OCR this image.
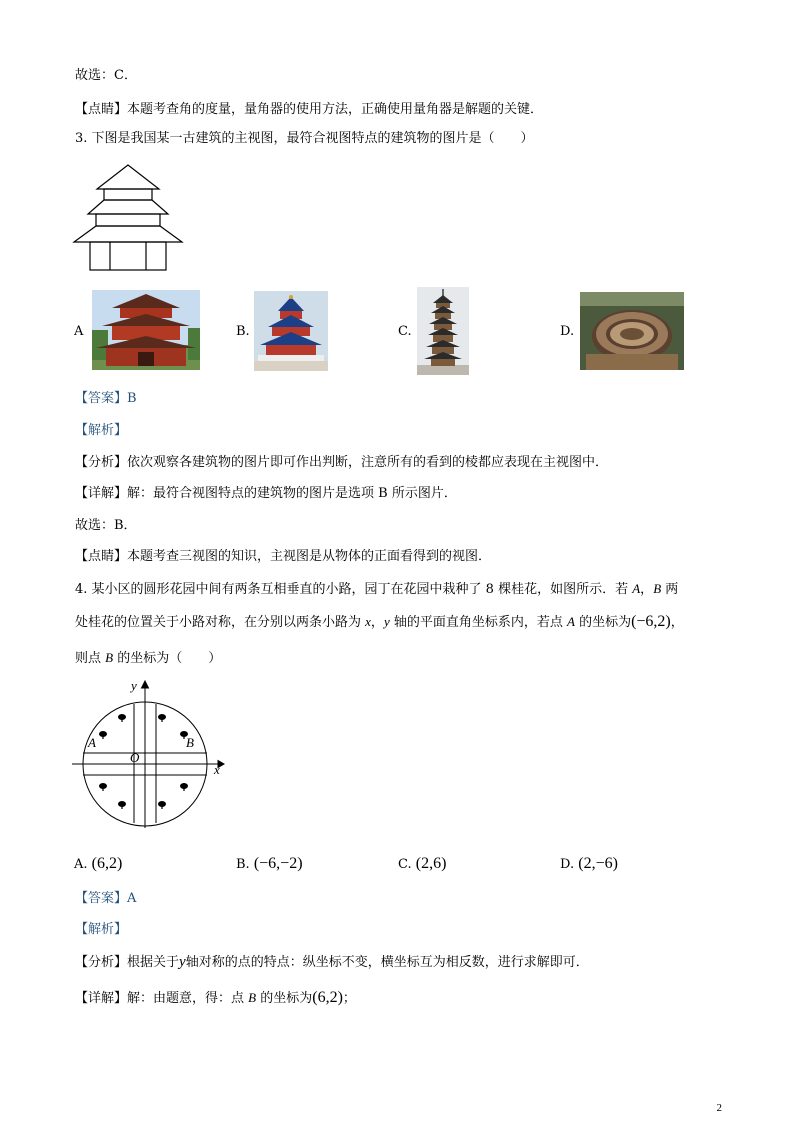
故选：C．
【点睛】本题考查角的度量，量角器的使用方法，正确使用量角器是解题的关键．
3. 下图是我国某一古建筑的主视图，最符合视图特点的建筑物的图片是（　　）
A	B.	C.	D.
【答案】B
【解析】
【分析】依次观察各建筑物的图片即可作出判断，注意所有的看到的棱都应表现在主视图中．
【详解】解：最符合视图特点的建筑物的图片是选项 B 所示图片．
故选：B．
【点睛】本题考查三视图的知识，主视图是从物体的正面看得到的视图．
4. 某小区的圆形花园中间有两条互相垂直的小路，园丁在花园中栽种了 8 棵桂花，如图所示．若 A，B 两
处桂花的位置关于小路对称，在分别以两条小路为 x，y 轴的平面直角坐标系内，若点 A 的坐标为(−6,2)，
则点 B 的坐标为（　　）
y
x
A	B
O
A. (6,2)	B. (−6,−2)	C. (2,6)	D. (2,−6)
【答案】A
【解析】
【分析】根据关于y轴对称的点的特点：纵坐标不变，横坐标互为相反数，进行求解即可．
【详解】解：由题意，得：点 B 的坐标为(6,2)；
2
